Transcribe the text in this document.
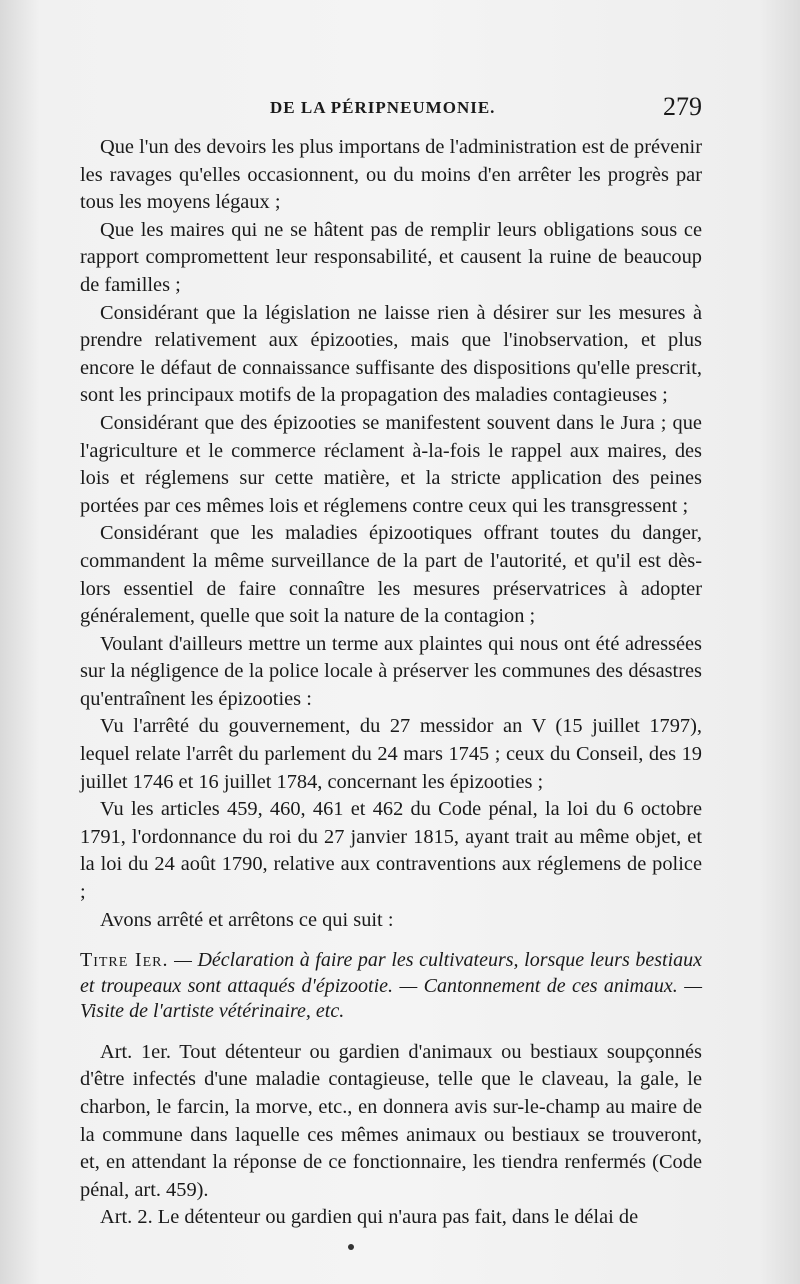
DE LA PÉRIPNEUMONIE.	279

Que l'un des devoirs les plus importans de l'administration est de prévenir les ravages qu'elles occasionnent, ou du moins d'en arrêter les progrès par tous les moyens légaux ;

Que les maires qui ne se hâtent pas de remplir leurs obligations sous ce rapport compromettent leur responsabilité, et causent la ruine de beaucoup de familles ;

Considérant que la législation ne laisse rien à désirer sur les mesures à prendre relativement aux épizooties, mais que l'inobservation, et plus encore le défaut de connaissance suffisante des dispositions qu'elle prescrit, sont les principaux motifs de la propagation des maladies contagieuses ;

Considérant que des épizooties se manifestent souvent dans le Jura ; que l'agriculture et le commerce réclament à-la-fois le rappel aux maires, des lois et réglemens sur cette matière, et la stricte application des peines portées par ces mêmes lois et réglemens contre ceux qui les transgressent ;

Considérant que les maladies épizootiques offrant toutes du danger, commandent la même surveillance de la part de l'autorité, et qu'il est dès-lors essentiel de faire connaître les mesures préservatrices à adopter généralement, quelle que soit la nature de la contagion ;

Voulant d'ailleurs mettre un terme aux plaintes qui nous ont été adressées sur la négligence de la police locale à préserver les communes des désastres qu'entraînent les épizooties :

Vu l'arrêté du gouvernement, du 27 messidor an V (15 juillet 1797), lequel relate l'arrêt du parlement du 24 mars 1745 ; ceux du Conseil, des 19 juillet 1746 et 16 juillet 1784, concernant les épizooties ;

Vu les articles 459, 460, 461 et 462 du Code pénal, la loi du 6 octobre 1791, l'ordonnance du roi du 27 janvier 1815, ayant trait au même objet, et la loi du 24 août 1790, relative aux contraventions aux réglemens de police ;

Avons arrêté et arrêtons ce qui suit :

Titre Ier. — Déclaration à faire par les cultivateurs, lorsque leurs bestiaux et troupeaux sont attaqués d'épizootie. — Cantonnement de ces animaux. — Visite de l'artiste vétérinaire, etc.

Art. 1er. Tout détenteur ou gardien d'animaux ou bestiaux soupçonnés d'être infectés d'une maladie contagieuse, telle que le claveau, la gale, le charbon, le farcin, la morve, etc., en donnera avis sur-le-champ au maire de la commune dans laquelle ces mêmes animaux ou bestiaux se trouveront, et, en attendant la réponse de ce fonctionnaire, les tiendra renfermés (Code pénal, art. 459).

Art. 2. Le détenteur ou gardien qui n'aura pas fait, dans le délai de
